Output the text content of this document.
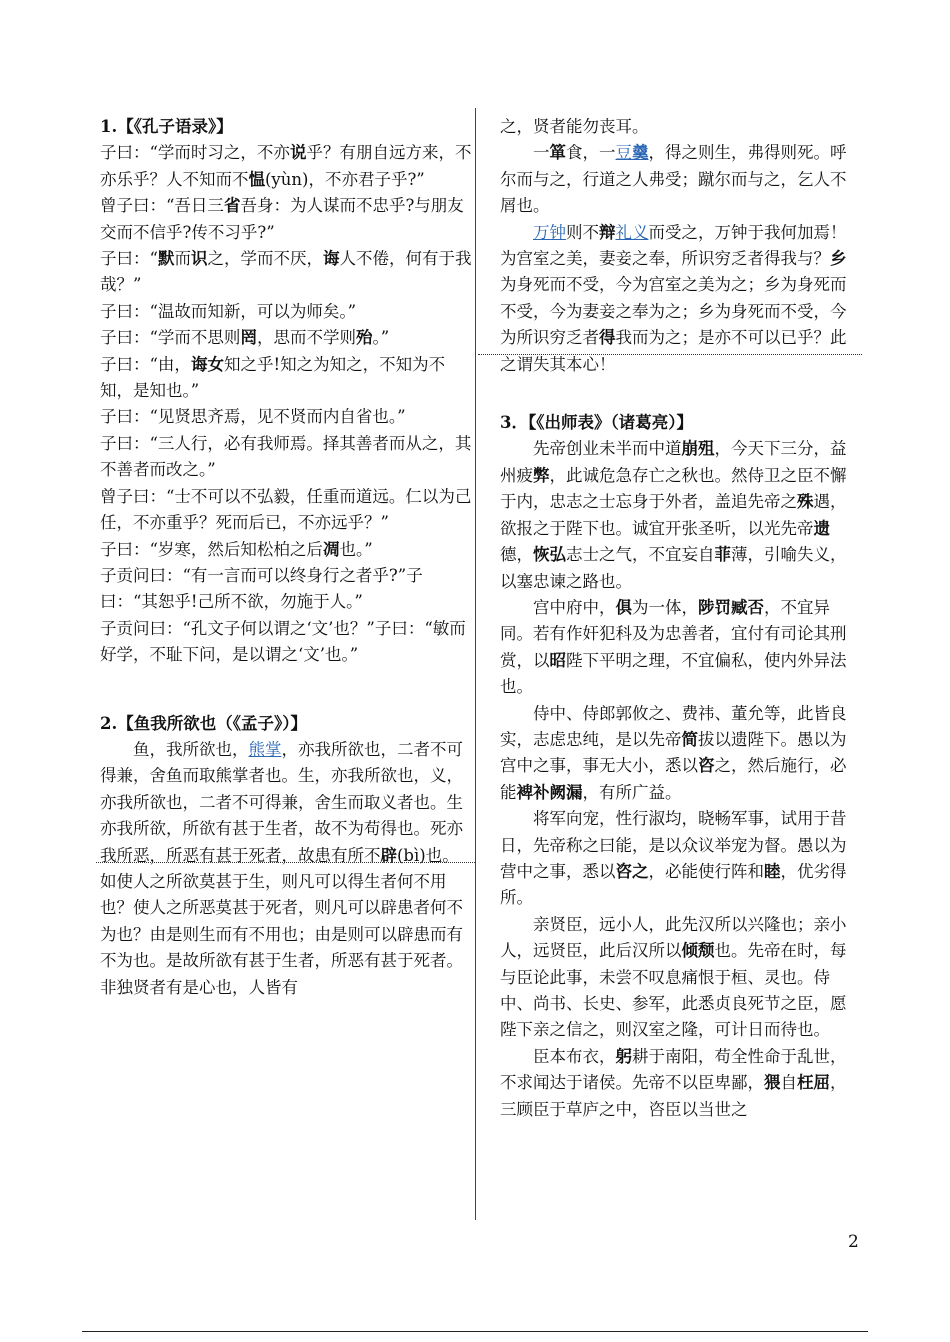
1.【《孔子语录》】

子曰：“学而时习之，不亦说乎？有朋自远方来，不亦乐乎？人不知而不愠(yùn)，不亦君子乎?”

曾子曰：“吾日三省吾身：为人谋而不忠乎?与朋友交而不信乎?传不习乎?”

子曰：“默而识之，学而不厌，诲人不倦，何有于我哉？”

子曰：“温故而知新，可以为师矣。”

子曰：“学而不思则罔，思而不学则殆。”

子曰：“由，诲女知之乎!知之为知之，不知为不知，是知也。”

子曰：“见贤思齐焉，见不贤而内自省也。”

子曰：“三人行，必有我师焉。择其善者而从之，其不善者而改之。”

曾子曰：“士不可以不弘毅，任重而道远。仁以为己任，不亦重乎？死而后已，不亦远乎？”

子曰：“岁寒，然后知松柏之后凋也。”

子贡问曰：“有一言而可以终身行之者乎?”子曰：“其恕乎!己所不欲，勿施于人。”

子贡问曰：“孔文子何以谓之‘文’也？”子曰：“敏而好学，不耻下问，是以谓之‘文’也。”

2.【鱼我所欲也（《孟子》）】

鱼，我所欲也，熊掌，亦我所欲也，二者不可得兼，舍鱼而取熊掌者也。生，亦我所欲也，义，亦我所欲也，二者不可得兼，舍生而取义者也。生亦我所欲，所欲有甚于生者，故不为苟得也。死亦我所恶，所恶有甚于死者，故患有所不辟(bì)也。如使人之所欲莫甚于生，则凡可以得生者何不用也？使人之所恶莫甚于死者，则凡可以辟患者何不为也？由是则生而有不用也；由是则可以辟患而有不为也。是故所欲有甚于生者，所恶有甚于死者。非独贤者有是心也，人皆有

之，贤者能勿丧耳。

一箪食，一豆羹，得之则生，弗得则死。呼尔而与之，行道之人弗受；蹴尔而与之，乞人不屑也。

万钟则不辩礼义而受之，万钟于我何加焉！为宫室之美，妻妾之奉，所识穷乏者得我与？乡为身死而不受，今为宫室之美为之；乡为身死而不受，今为妻妾之奉为之；乡为身死而不受，今为所识穷乏者得我而为之；是亦不可以已乎？此之谓失其本心！

3．【《出师表》（诸葛亮）】

先帝创业未半而中道崩殂，今天下三分，益州疲弊，此诚危急存亡之秋也。然侍卫之臣不懈于内，忠志之士忘身于外者，盖追先帝之殊遇，欲报之于陛下也。诚宜开张圣听，以光先帝遗德，恢弘志士之气，不宜妄自菲薄，引喻失义，以塞忠谏之路也。

宫中府中，俱为一体，陟罚臧否，不宜异同。若有作奸犯科及为忠善者，宜付有司论其刑赏，以昭陛下平明之理，不宜偏私，使内外异法也。

侍中、侍郎郭攸之、费祎、董允等，此皆良实，志虑忠纯，是以先帝简拔以遗陛下。愚以为宫中之事，事无大小，悉以咨之，然后施行，必能裨补阙漏，有所广益。

将军向宠，性行淑均，晓畅军事，试用于昔日，先帝称之曰能，是以众议举宠为督。愚以为营中之事，悉以咨之，必能使行阵和睦，优劣得所。

亲贤臣，远小人，此先汉所以兴隆也；亲小人，远贤臣，此后汉所以倾颓也。先帝在时，每与臣论此事，未尝不叹息痛恨于桓、灵也。侍中、尚书、长史、参军，此悉贞良死节之臣，愿陛下亲之信之，则汉室之隆，可计日而待也。

臣本布衣，躬耕于南阳，苟全性命于乱世，不求闻达于诸侯。先帝不以臣卑鄙，猥自枉屈，三顾臣于草庐之中，咨臣以当世之

2
